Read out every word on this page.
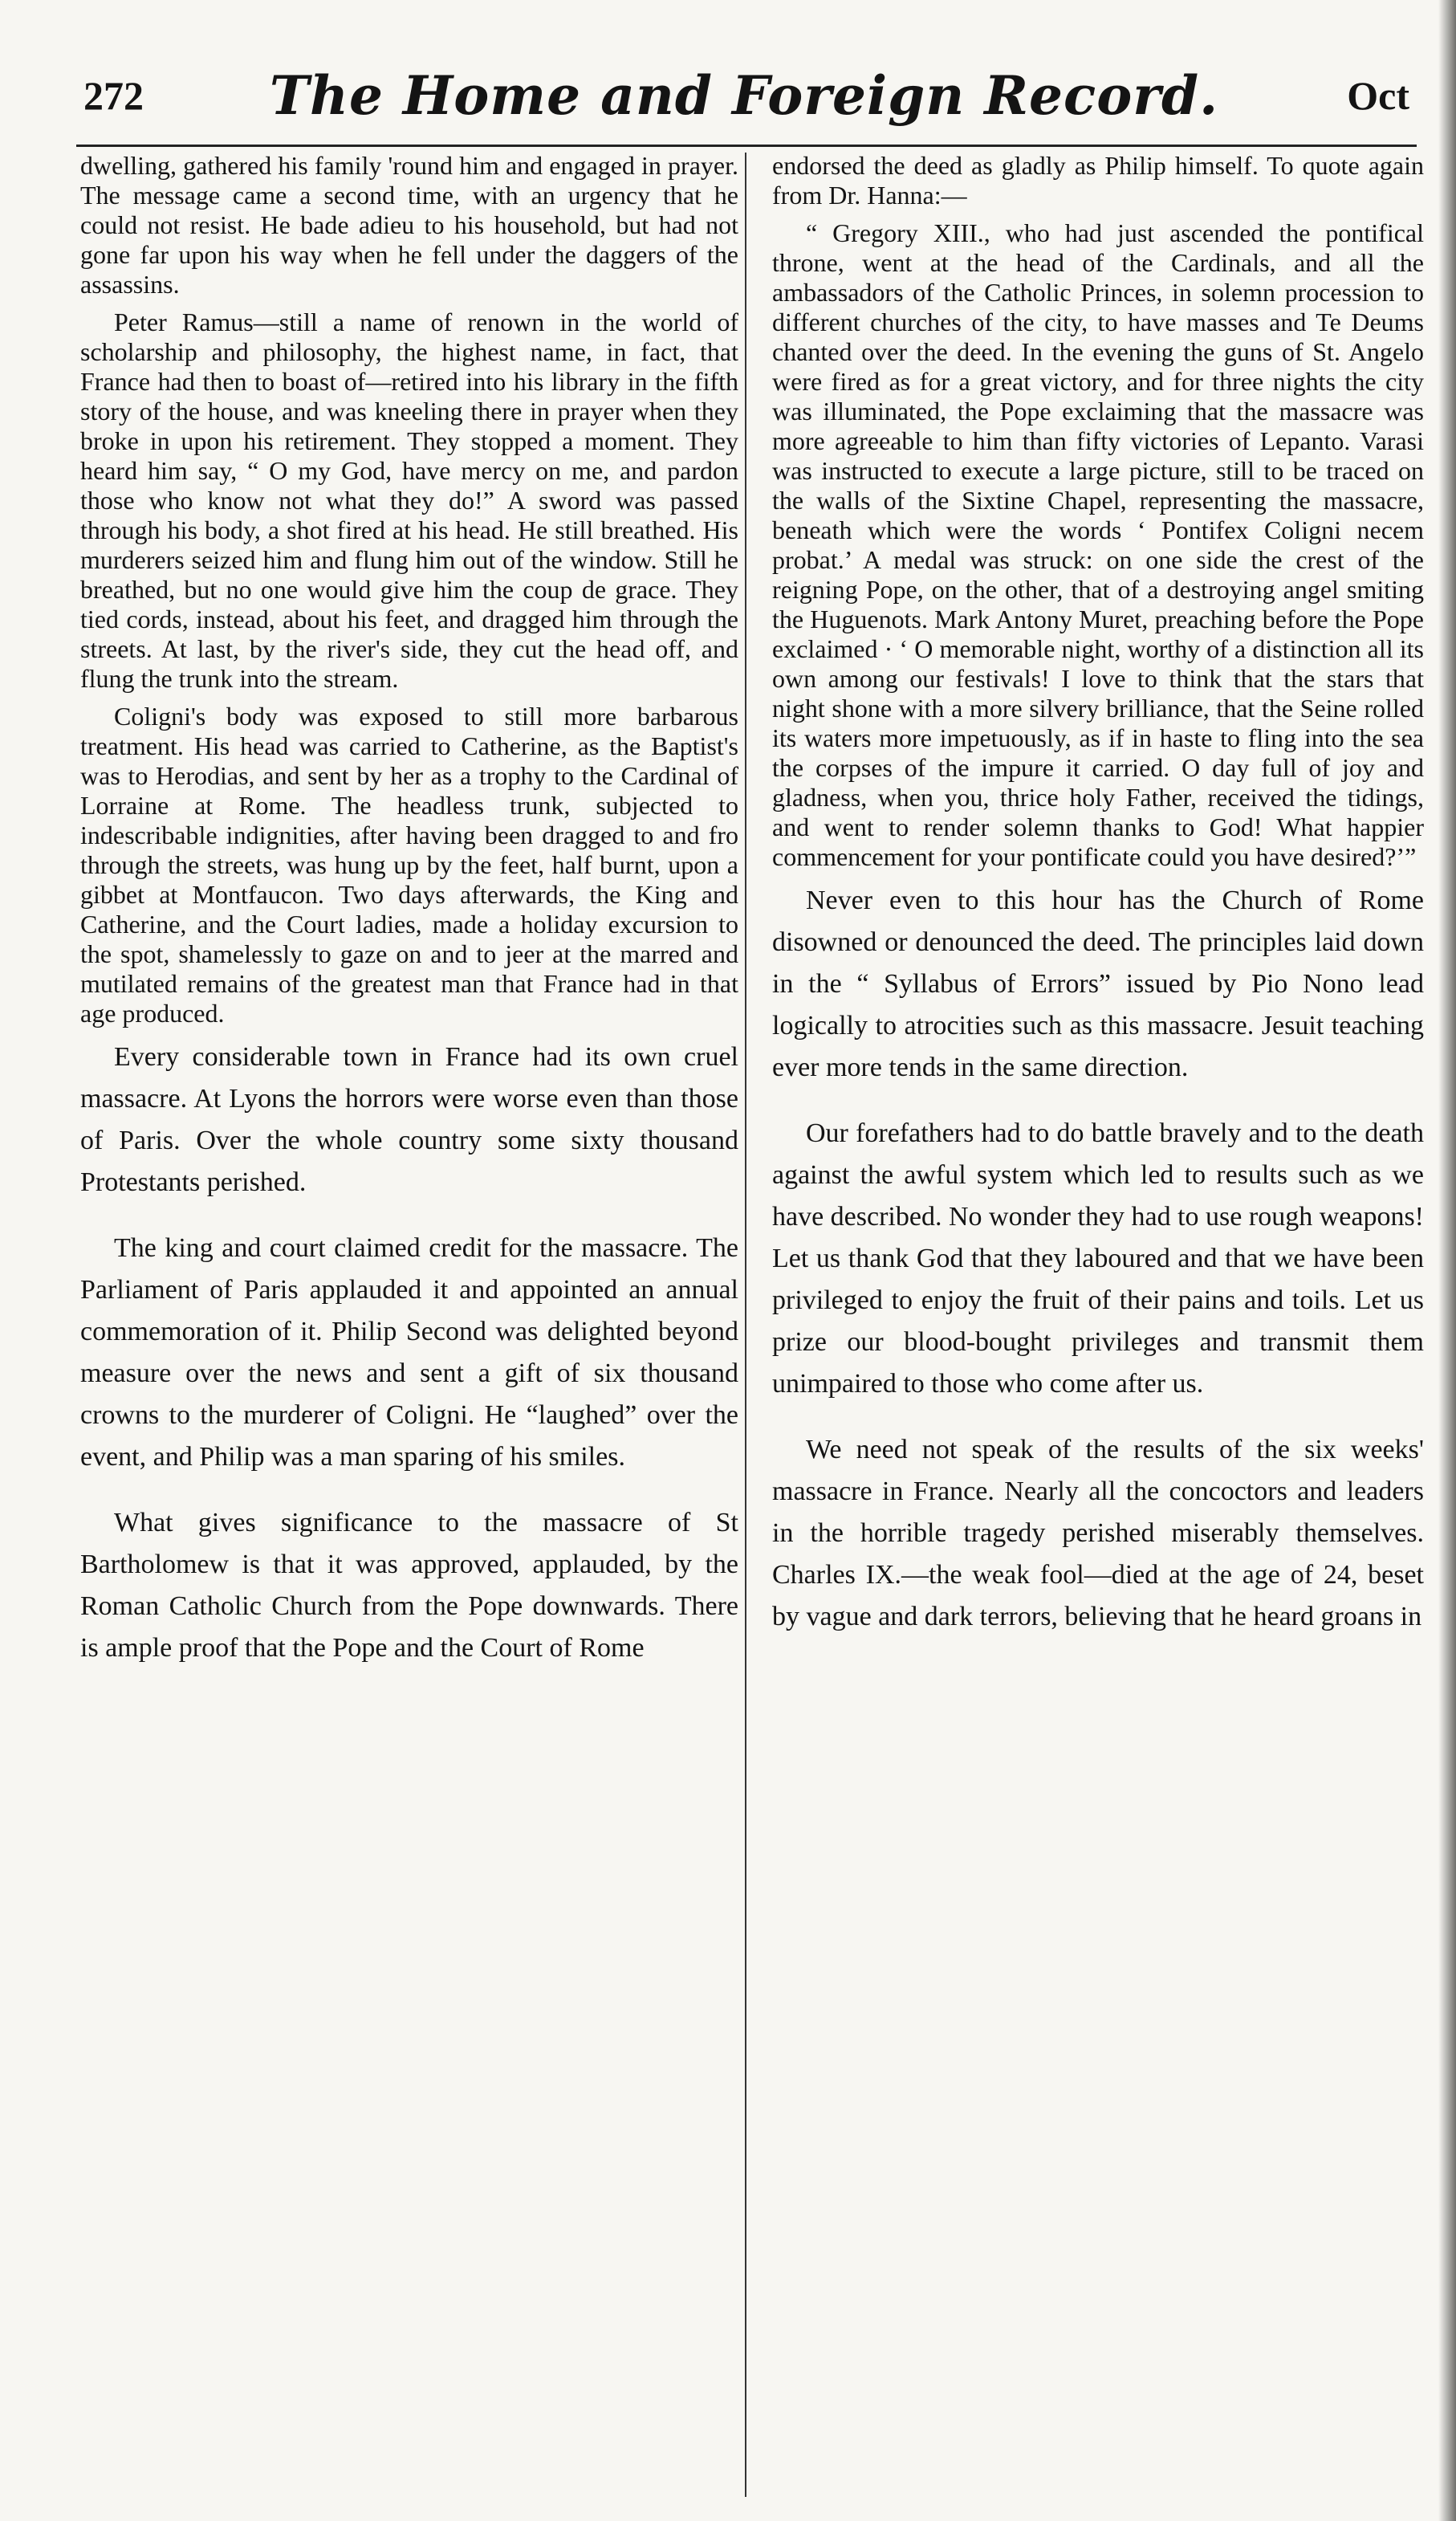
272	The Home and Foreign Record.	Oct

dwelling, gathered his family 'round him and engaged in prayer. The message came a second time, with an urgency that he could not resist. He bade adieu to his household, but had not gone far upon his way when he fell under the daggers of the assassins.

Peter Ramus—still a name of renown in the world of scholarship and philosophy, the highest name, in fact, that France had then to boast of—retired into his library in the fifth story of the house, and was kneeling there in prayer when they broke in upon his retirement. They stopped a moment. They heard him say, “ O my God, have mercy on me, and pardon those who know not what they do!” A sword was passed through his body, a shot fired at his head. He still breathed. His murderers seized him and flung him out of the window. Still he breathed, but no one would give him the coup de grace. They tied cords, instead, about his feet, and dragged him through the streets. At last, by the river's side, they cut the head off, and flung the trunk into the stream.

Coligni's body was exposed to still more barbarous treatment. His head was carried to Catherine, as the Baptist's was to Herodias, and sent by her as a trophy to the Cardinal of Lorraine at Rome. The headless trunk, subjected to indescribable indignities, after having been dragged to and fro through the streets, was hung up by the feet, half burnt, upon a gibbet at Montfaucon. Two days afterwards, the King and Catherine, and the Court ladies, made a holiday excursion to the spot, shamelessly to gaze on and to jeer at the marred and mutilated remains of the greatest man that France had in that age produced.

Every considerable town in France had its own cruel massacre. At Lyons the horrors were worse even than those of Paris. Over the whole country some sixty thousand Protestants perished.

The king and court claimed credit for the massacre. The Parliament of Paris applauded it and appointed an annual commemoration of it. Philip Second was delighted beyond measure over the news and sent a gift of six thousand crowns to the murderer of Coligni. He “laughed” over the event, and Philip was a man sparing of his smiles.

What gives significance to the massacre of St Bartholomew is that it was approved, applauded, by the Roman Catholic Church from the Pope downwards. There is ample proof that the Pope and the Court of Rome

endorsed the deed as gladly as Philip himself. To quote again from Dr. Hanna:—

“ Gregory XIII., who had just ascended the pontifical throne, went at the head of the Cardinals, and all the ambassadors of the Catholic Princes, in solemn procession to different churches of the city, to have masses and Te Deums chanted over the deed. In the evening the guns of St. Angelo were fired as for a great victory, and for three nights the city was illuminated, the Pope exclaiming that the massacre was more agreeable to him than fifty victories of Lepanto. Varasi was instructed to execute a large picture, still to be traced on the walls of the Sixtine Chapel, representing the massacre, beneath which were the words ‘ Pontifex Coligni necem probat.’ A medal was struck: on one side the crest of the reigning Pope, on the other, that of a destroying angel smiting the Huguenots. Mark Antony Muret, preaching before the Pope exclaimed · ‘ O memorable night, worthy of a distinction all its own among our festivals! I love to think that the stars that night shone with a more silvery brilliance, that the Seine rolled its waters more impetuously, as if in haste to fling into the sea the corpses of the impure it carried. O day full of joy and gladness, when you, thrice holy Father, received the tidings, and went to render solemn thanks to God! What happier commencement for your pontificate could you have desired?’”

Never even to this hour has the Church of Rome disowned or denounced the deed. The principles laid down in the “ Syllabus of Errors” issued by Pio Nono lead logically to atrocities such as this massacre. Jesuit teaching ever more tends in the same direction.

Our forefathers had to do battle bravely and to the death against the awful system which led to results such as we have described. No wonder they had to use rough weapons! Let us thank God that they laboured and that we have been privileged to enjoy the fruit of their pains and toils. Let us prize our blood-bought privileges and transmit them unimpaired to those who come after us.

We need not speak of the results of the six weeks' massacre in France. Nearly all the concoctors and leaders in the horrible tragedy perished miserably themselves. Charles IX.—the weak fool—died at the age of 24, beset by vague and dark terrors, believing that he heard groans in
